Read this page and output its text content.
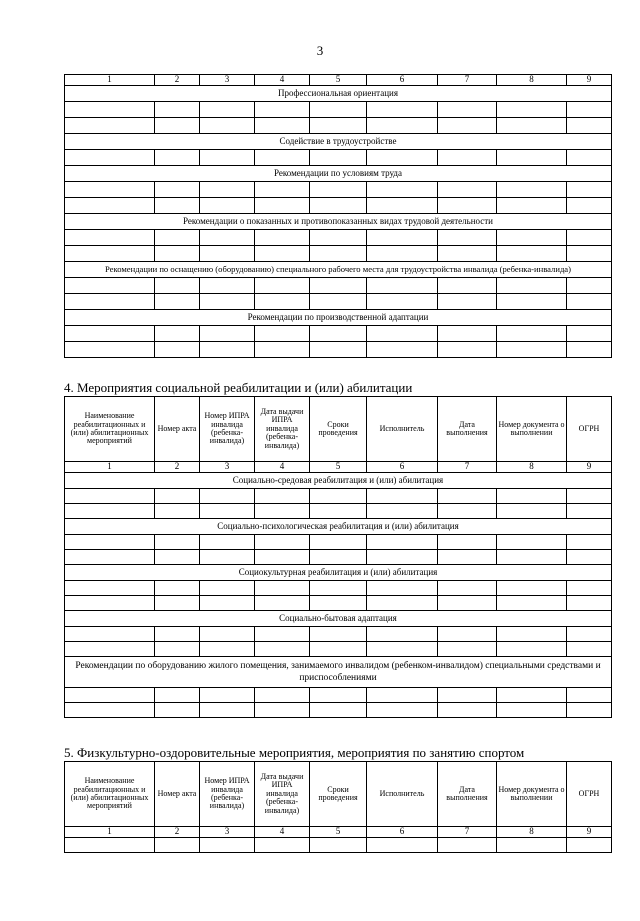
3
1	2	3	4	5	6	7	8	9
Профессиональная ориентация								

Содействие в трудоустройстве								

Рекомендации по условиям труда								

Рекомендации о показанных и противопоказанных видах трудовой деятельности								

Рекомендации по оснащению (оборудованию) специального рабочего места для трудоустройства инвалида (ребенка-инвалида)								

Рекомендации по производственной адаптации								

4. Мероприятия социальной реабилитации и (или) абилитации
Наименование реабилитационных и (или) абилитационных мероприятий	Номер акта	Номер ИПРА инвалида (ребенка-инвалида)	Дата выдачи ИПРА инвалида (ребенка-инвалида)	Сроки проведения	Исполнитель	Дата выполнения	Номер документа о выполнении	ОГРН
1	2	3	4	5	6	7	8	9
Социально-средовая реабилитация и (или) абилитация								

Социально-психологическая реабилитация и (или) абилитация								

Социокультурная реабилитация и (или) абилитация								

Социально-бытовая адаптация								

Рекомендации по оборудованию жилого помещения, занимаемого инвалидом (ребенком-инвалидом) специальными средствами и приспособлениями								

5. Физкультурно-оздоровительные мероприятия, мероприятия по занятию спортом
Наименование реабилитационных и (или) абилитационных мероприятий	Номер акта	Номер ИПРА инвалида (ребенка-инвалида)	Дата выдачи ИПРА инвалида (ребенка-инвалида)	Сроки проведения	Исполнитель	Дата выполнения	Номер документа о выполнении	ОГРН
1	2	3	4	5	6	7	8	9
